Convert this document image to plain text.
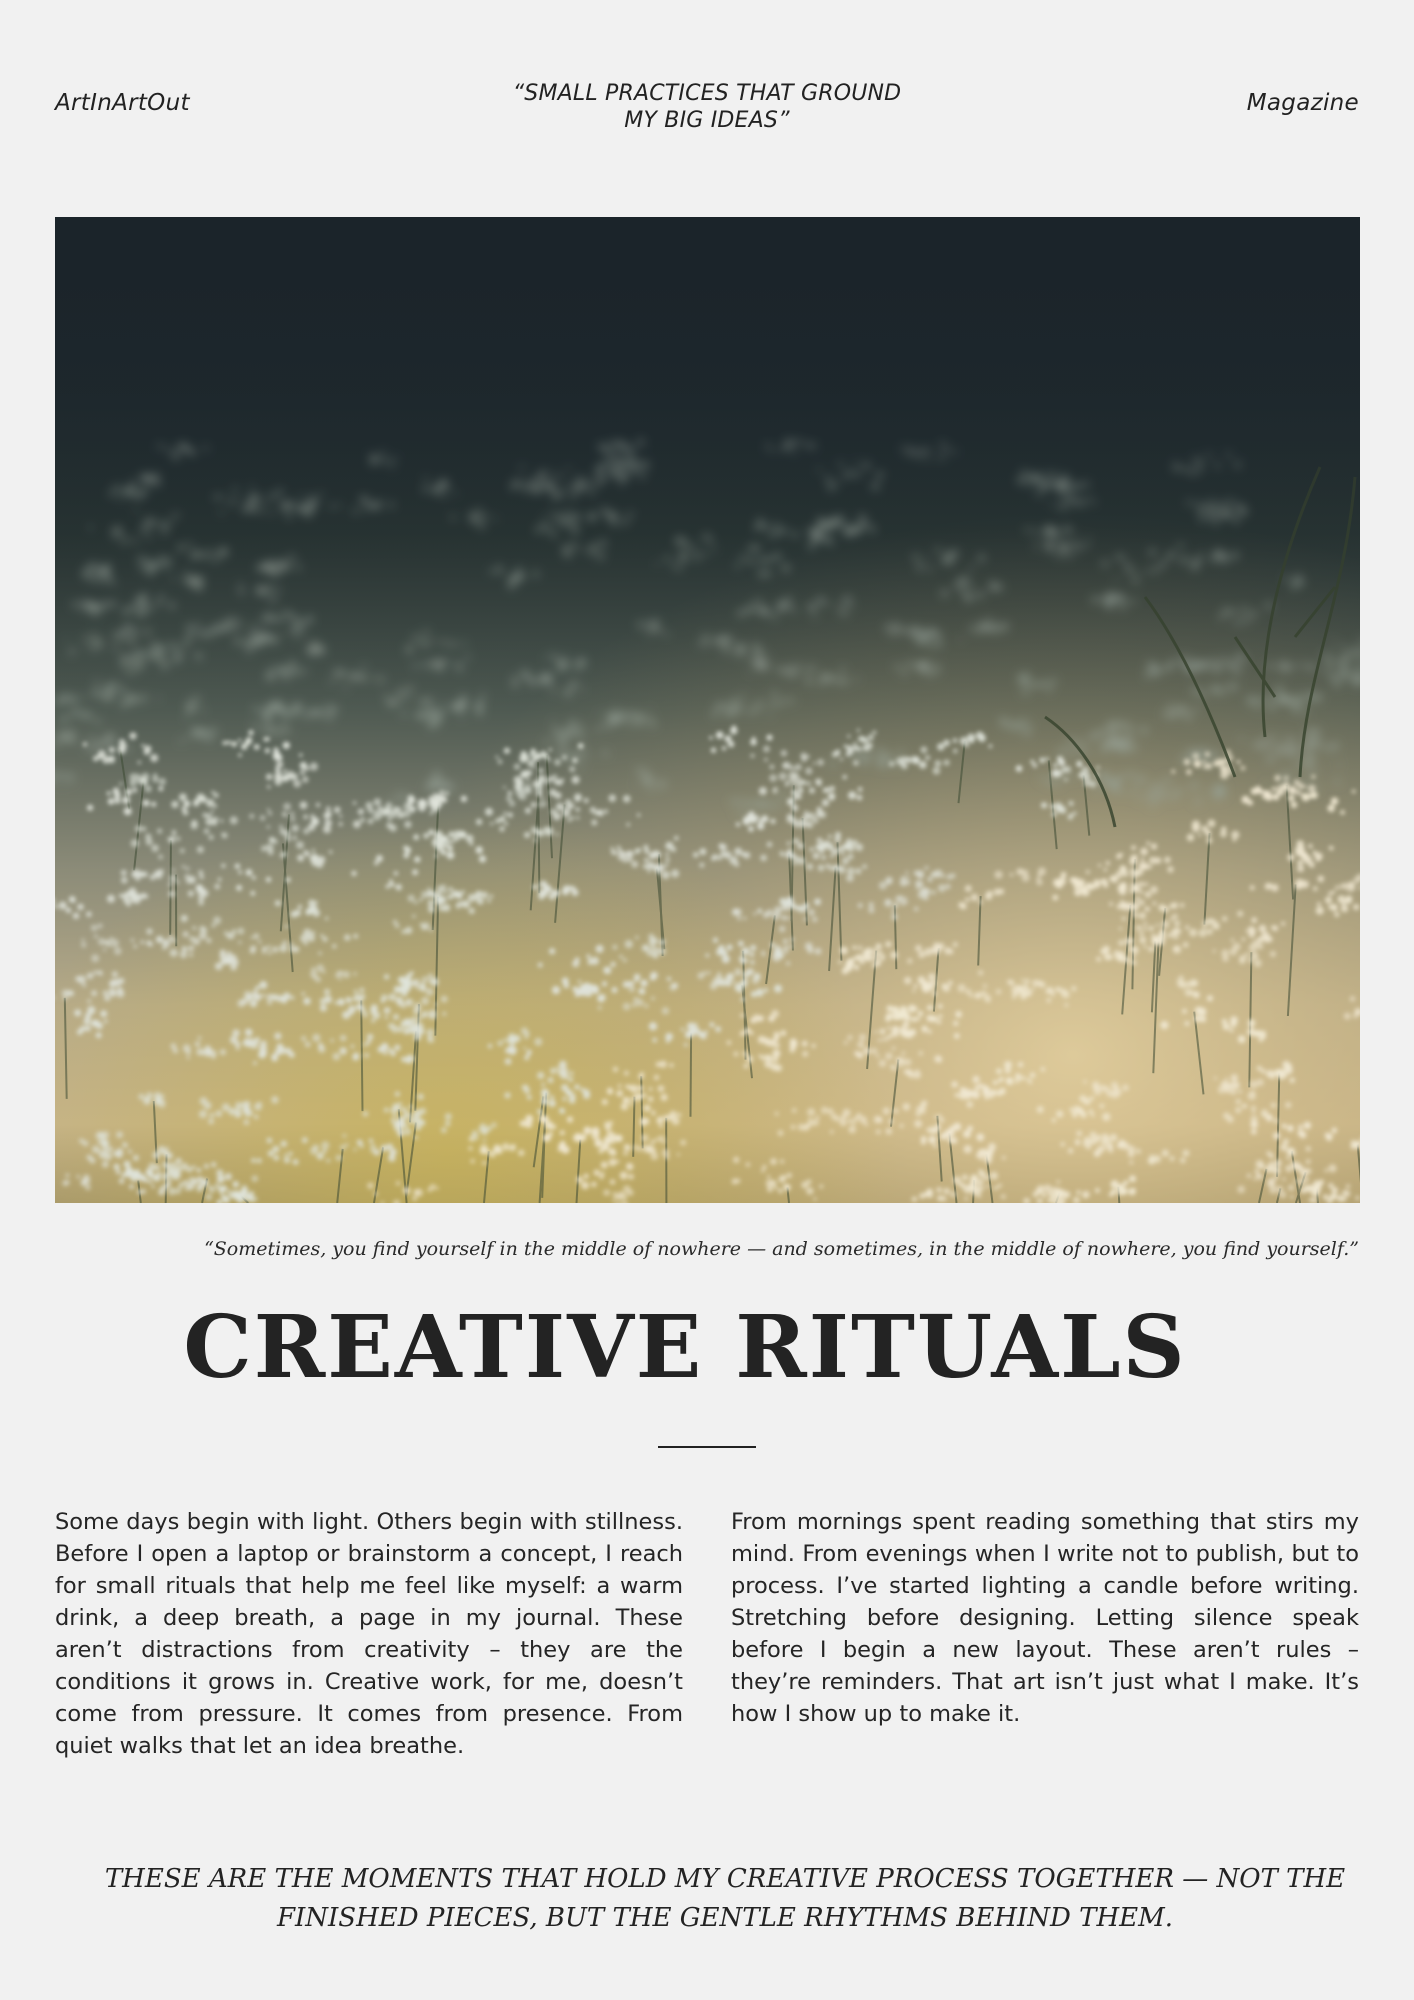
ArtInArtOut	“SMALL PRACTICES THAT GROUND
MY BIG IDEAS”
Magazine
“Sometimes, you find yourself in the middle of nowhere — and sometimes, in the middle of nowhere, you find yourself.”
CREATIVE RITUALS

Some days begin with light. Others begin with stillness. Before I open a laptop or brainstorm a concept, I reach for small rituals that help me feel like myself: a warm drink, a deep breath, a page in my journal. These aren’t distractions from creativity – they are the conditions it grows in. Creative work, for me, doesn’t come from pressure. It comes from presence. From quiet walks that let an idea breathe.

From mornings spent reading something that stirs my mind. From evenings when I write not to publish, but to process. I’ve started lighting a candle before writing. Stretching before designing. Letting silence speak before I begin a new layout. These aren’t rules – they’re reminders. That art isn’t just what I make. It’s how I show up to make it.

THESE ARE THE MOMENTS THAT HOLD MY CREATIVE PROCESS TOGETHER — NOT THE FINISHED PIECES, BUT THE GENTLE RHYTHMS BEHIND THEM.
